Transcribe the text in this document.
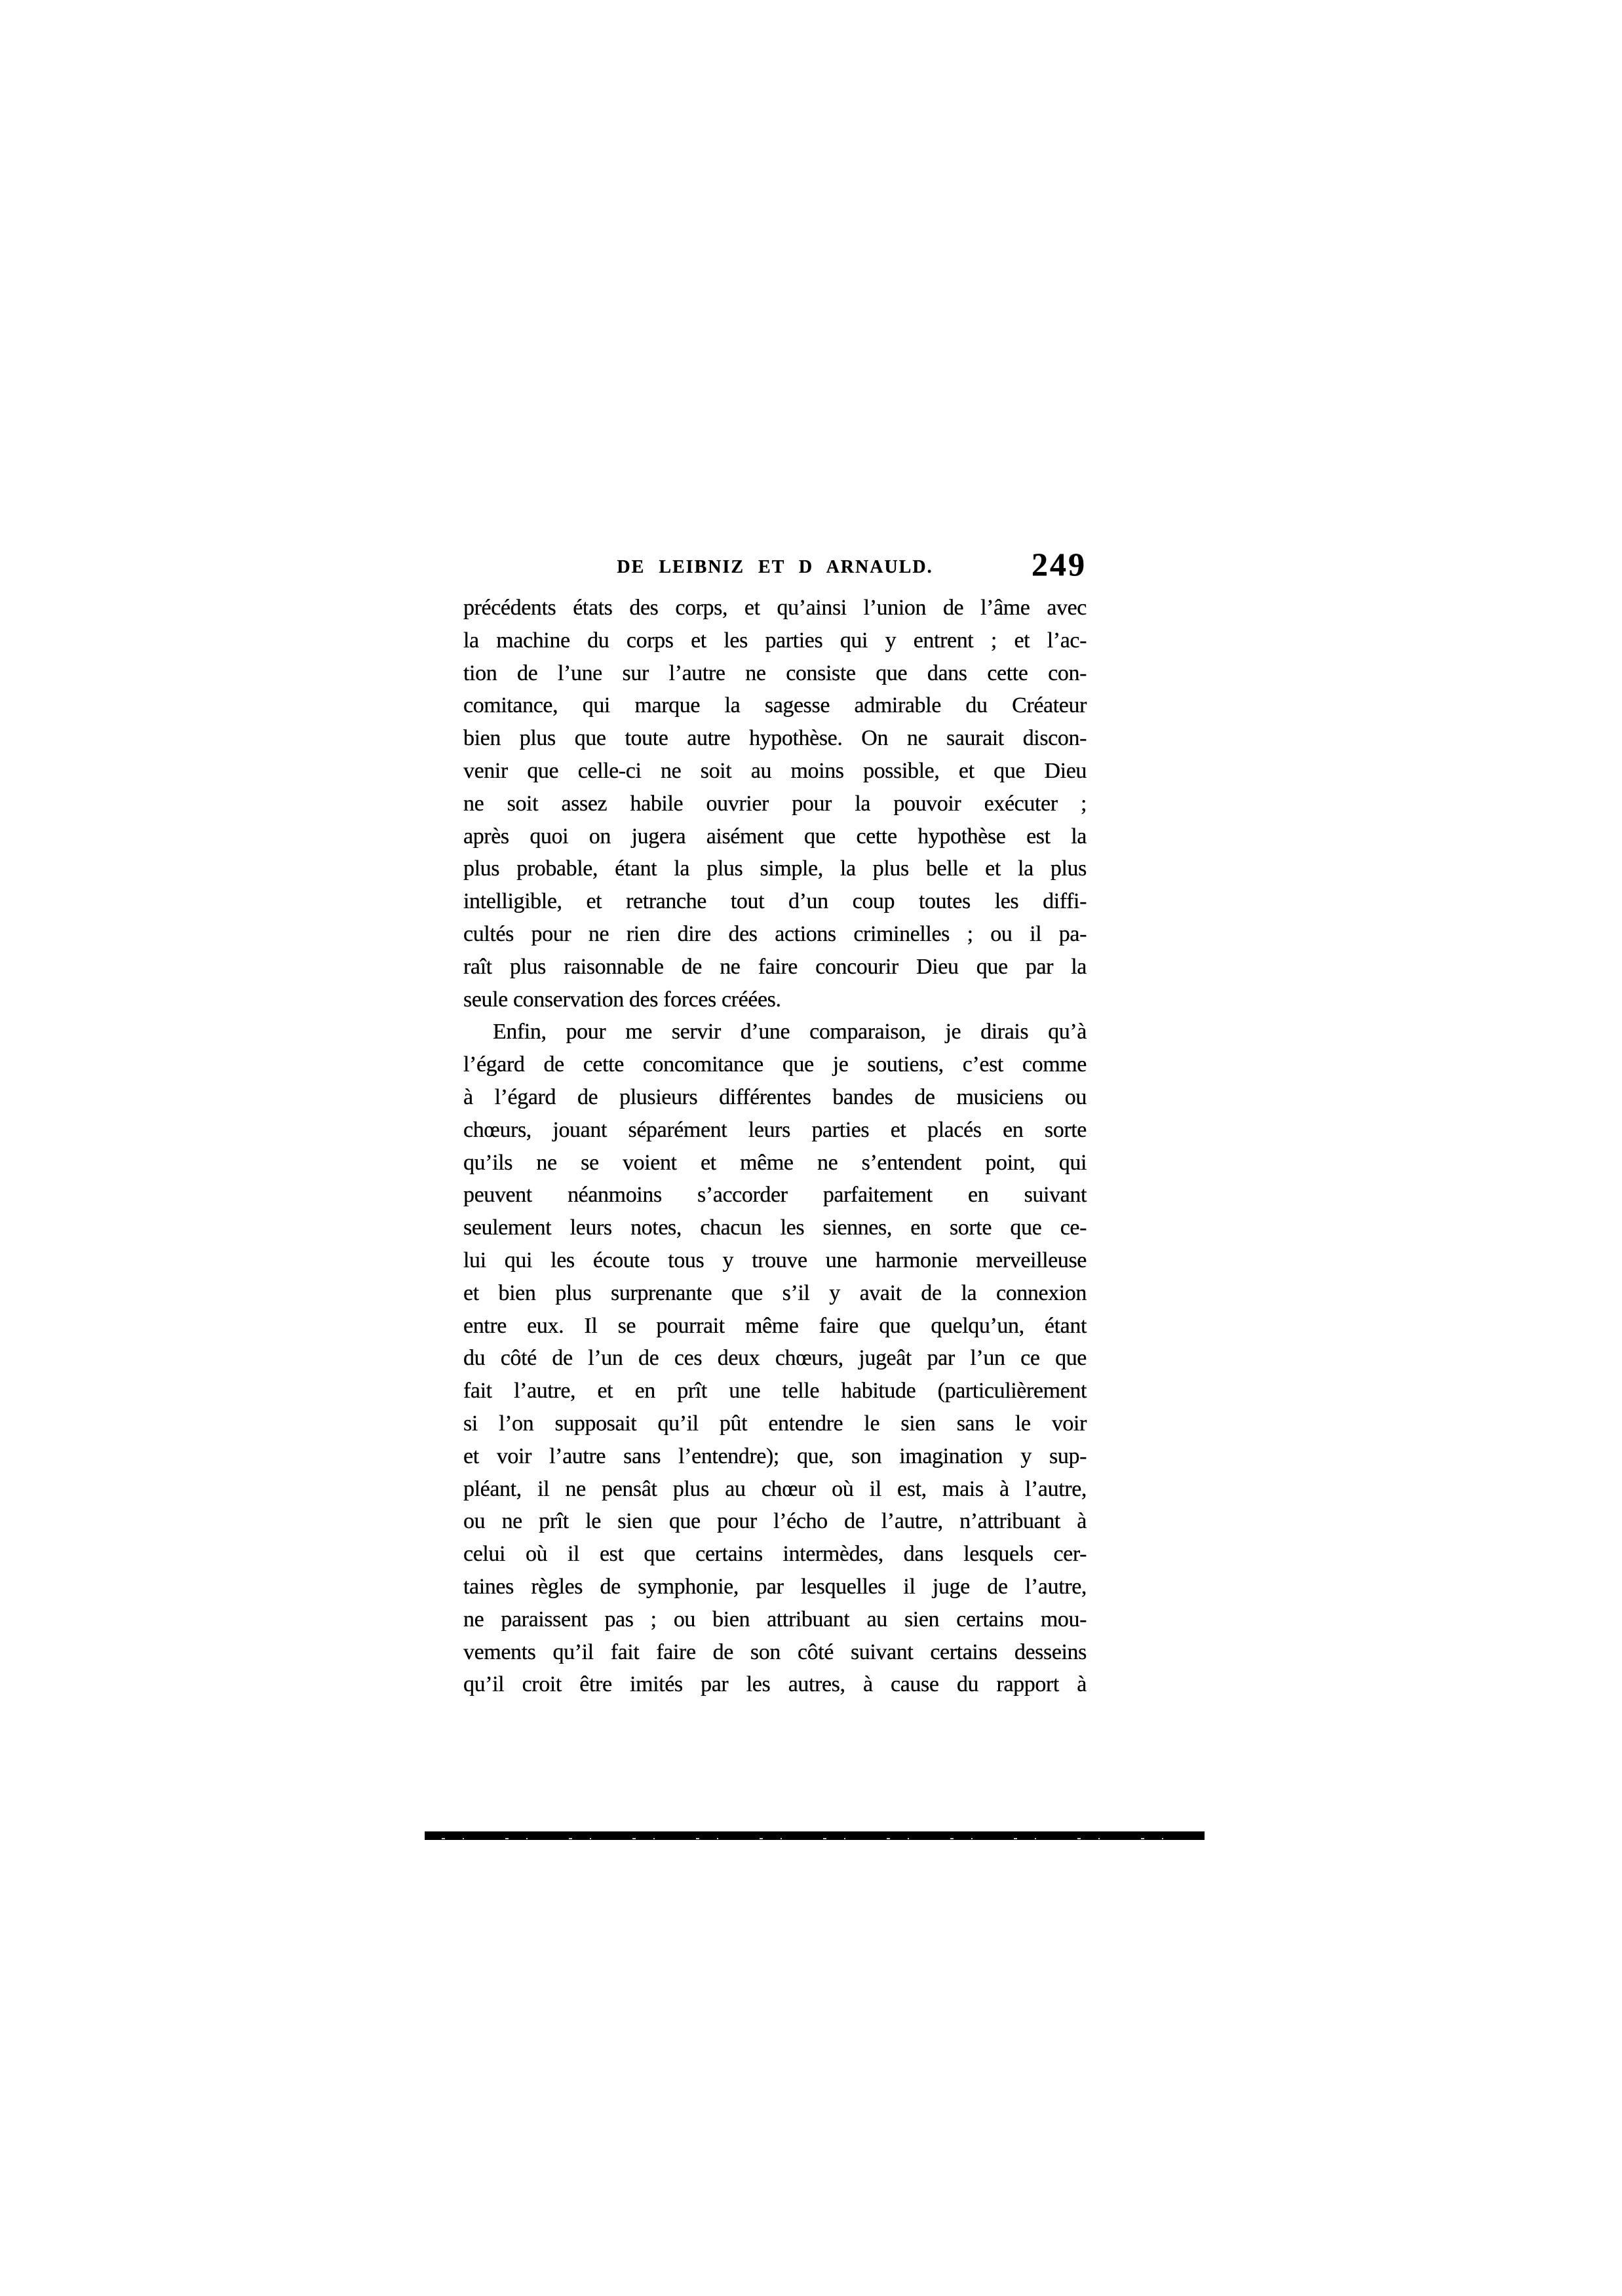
DE LEIBNIZ ET D ARNAULD.	249
précédents états des corps, et qu’ainsi l’union de l’âme avec
la machine du corps et les parties qui y entrent ; et l’ac-
tion de l’une sur l’autre ne consiste que dans cette con-
comitance, qui marque la sagesse admirable du Créateur
bien plus que toute autre hypothèse. On ne saurait discon-
venir que celle-ci ne soit au moins possible, et que Dieu
ne soit assez habile ouvrier pour la pouvoir exécuter ;
après quoi on jugera aisément que cette hypothèse est la
plus probable, étant la plus simple, la plus belle et la plus
intelligible, et retranche tout d’un coup toutes les diffi-
cultés pour ne rien dire des actions criminelles ; ou il pa-
raît plus raisonnable de ne faire concourir Dieu que par la
seule conservation des forces créées.
Enfin, pour me servir d’une comparaison, je dirais qu’à
l’égard de cette concomitance que je soutiens, c’est comme
à l’égard de plusieurs différentes bandes de musiciens ou
chœurs, jouant séparément leurs parties et placés en sorte
qu’ils ne se voient et même ne s’entendent point, qui
peuvent néanmoins s’accorder parfaitement en suivant
seulement leurs notes, chacun les siennes, en sorte que ce-
lui qui les écoute tous y trouve une harmonie merveilleuse
et bien plus surprenante que s’il y avait de la connexion
entre eux. Il se pourrait même faire que quelqu’un, étant
du côté de l’un de ces deux chœurs, jugeât par l’un ce que
fait l’autre, et en prît une telle habitude (particulièrement
si l’on supposait qu’il pût entendre le sien sans le voir
et voir l’autre sans l’entendre); que, son imagination y sup-
pléant, il ne pensât plus au chœur où il est, mais à l’autre,
ou ne prît le sien que pour l’écho de l’autre, n’attribuant à
celui où il est que certains intermèdes, dans lesquels cer-
taines règles de symphonie, par lesquelles il juge de l’autre,
ne paraissent pas ; ou bien attribuant au sien certains mou-
vements qu’il fait faire de son côté suivant certains desseins
qu’il croit être imités par les autres, à cause du rapport à
